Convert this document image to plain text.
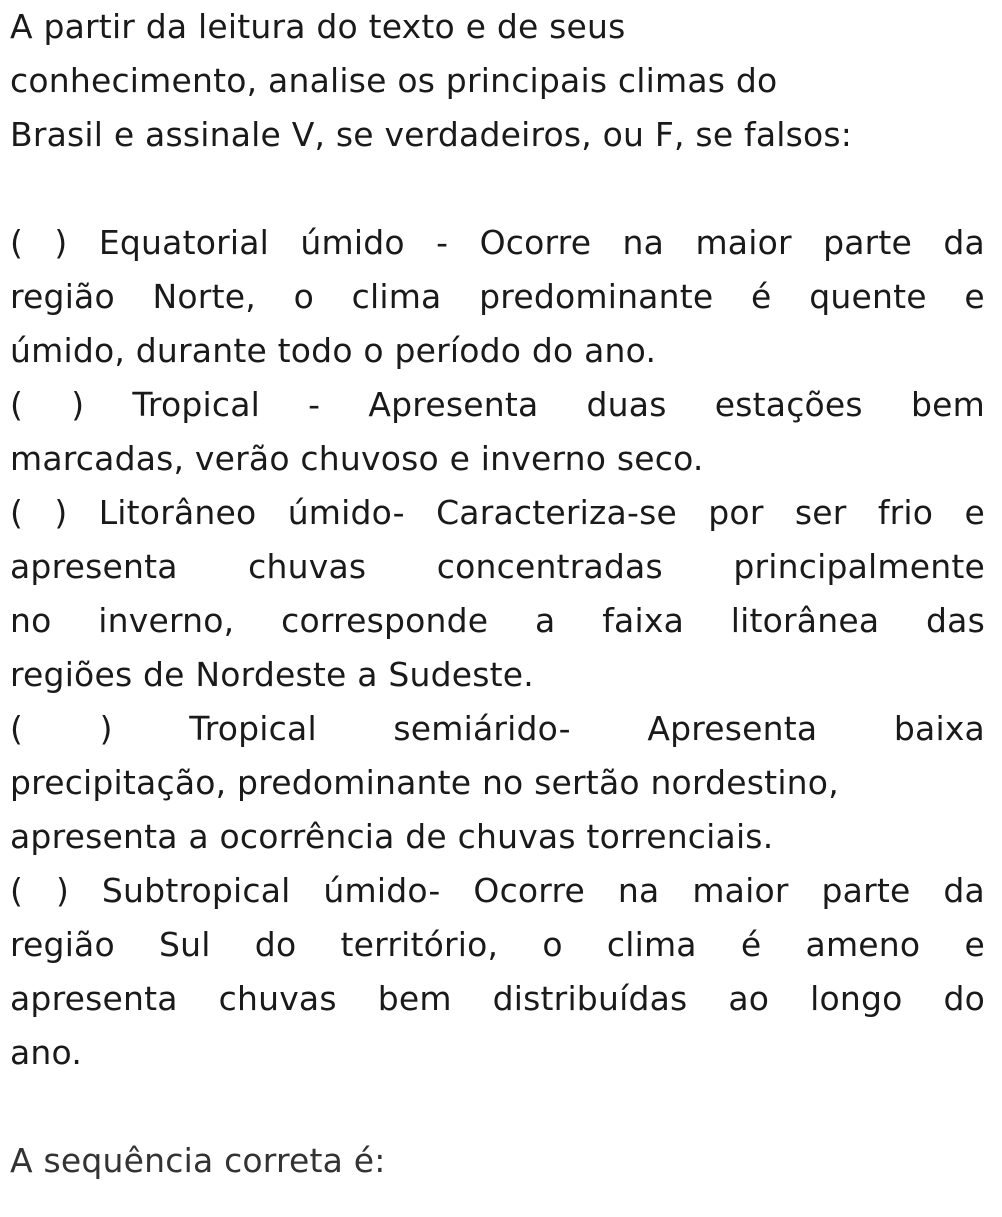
A partir da leitura do texto e de seus
conhecimento, analise os principais climas do
Brasil e assinale V, se verdadeiros, ou F, se falsos:
( ) Equatorial úmido - Ocorre na maior parte da
região Norte, o clima predominante é quente e
úmido, durante todo o período do ano.
( ) Tropical - Apresenta duas estações bem
marcadas, verão chuvoso e inverno seco.
( ) Litorâneo úmido- Caracteriza-se por ser frio e
apresenta chuvas concentradas principalmente
no inverno, corresponde a faixa litorânea das
regiões de Nordeste a Sudeste.
( ) Tropical semiárido- Apresenta baixa
precipitação, predominante no sertão nordestino,
apresenta a ocorrência de chuvas torrenciais.
( ) Subtropical úmido- Ocorre na maior parte da
região Sul do território, o clima é ameno e
apresenta chuvas bem distribuídas ao longo do
ano.
A sequência correta é:
